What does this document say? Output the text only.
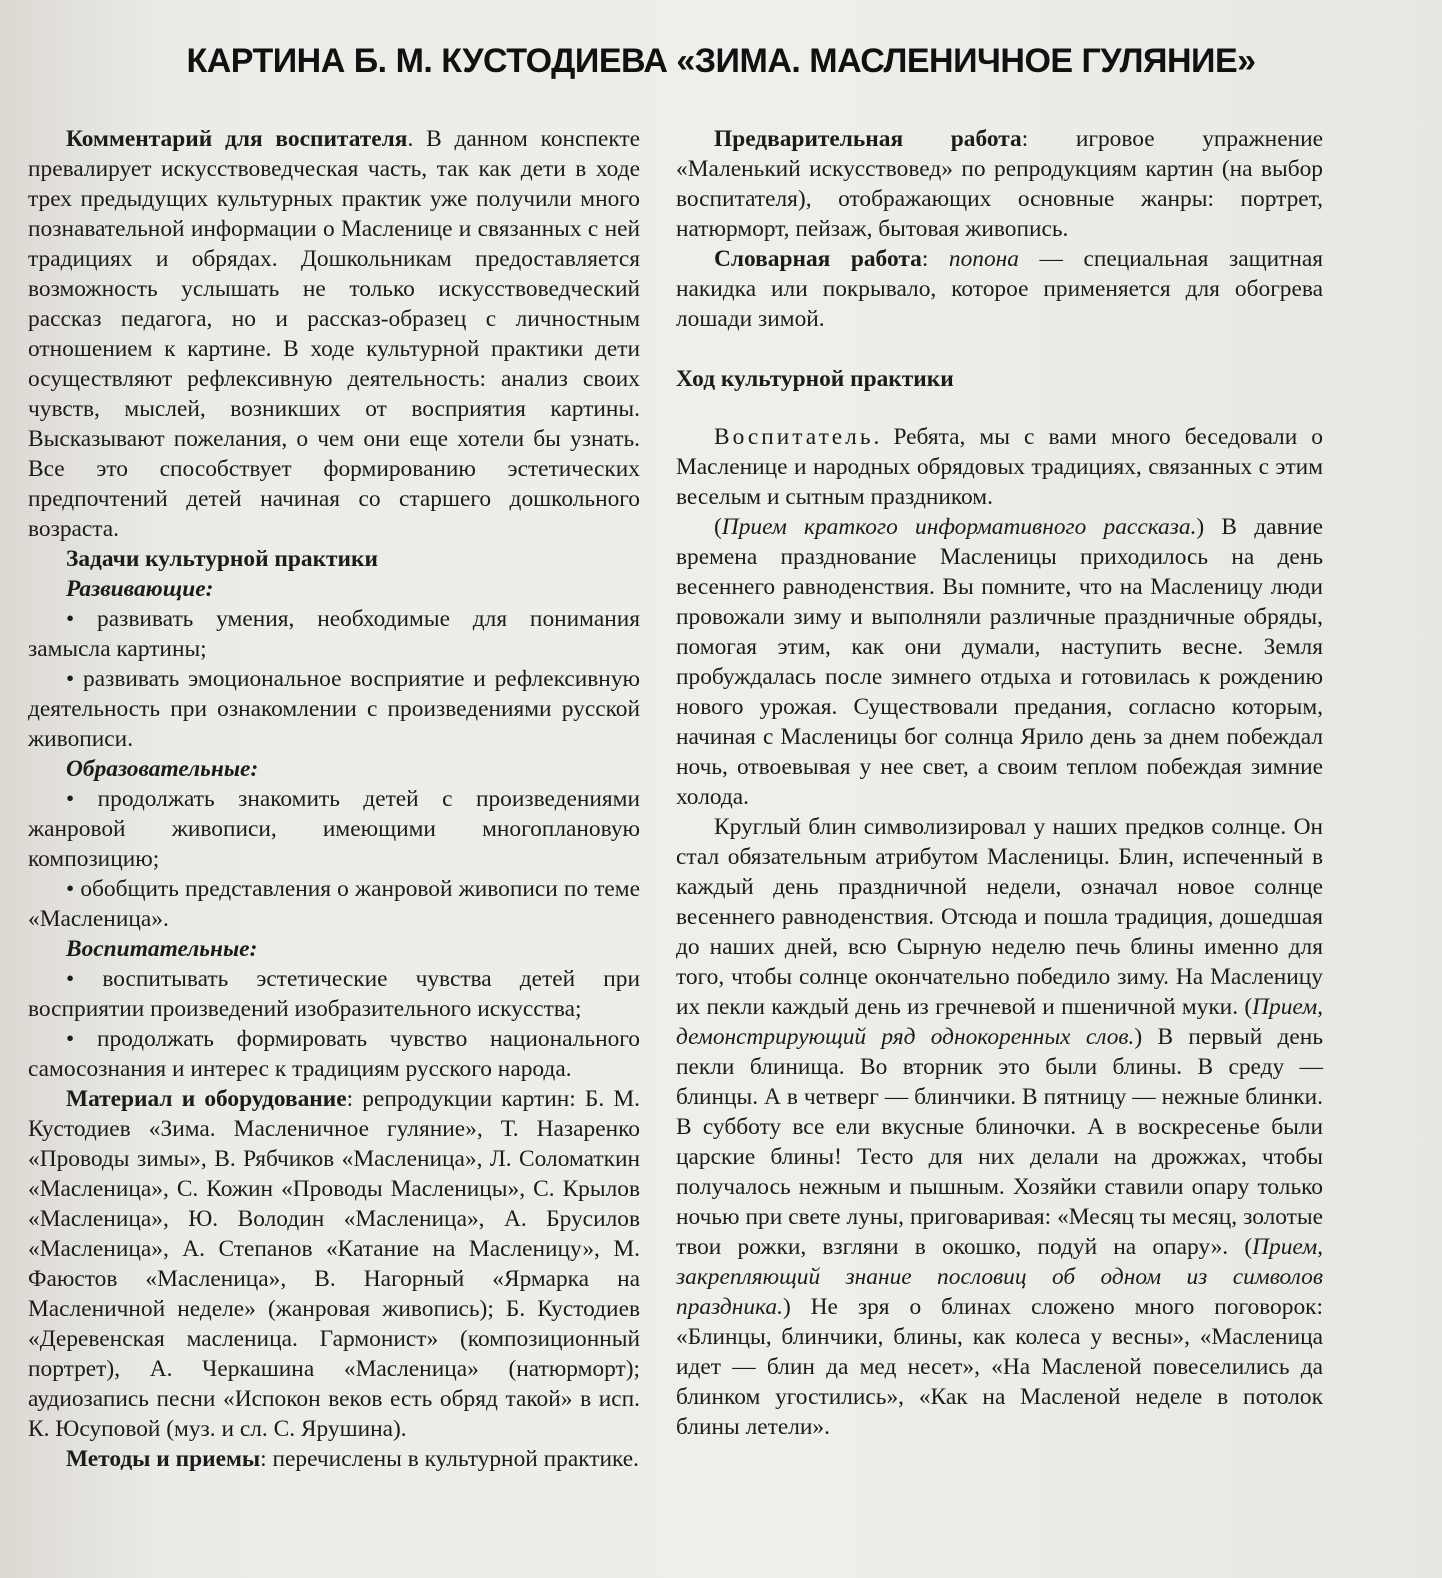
КАРТИНА Б. М. КУСТОДИЕВА «ЗИМА. МАСЛЕНИЧНОЕ ГУЛЯНИЕ»

Комментарий для воспитателя. В данном конспекте превалирует искусствоведческая часть, так как дети в ходе трех предыдущих культурных практик уже получили много познавательной информации о Масленице и связанных с ней традициях и обрядах. Дошкольникам предоставляется возможность услышать не только искусствоведческий рассказ педагога, но и рассказ-образец с личностным отношением к картине. В ходе культурной практики дети осуществляют рефлексивную деятельность: анализ своих чувств, мыслей, возникших от восприятия картины. Высказывают пожелания, о чем они еще хотели бы узнать. Все это способствует формированию эстетических предпочтений детей начиная со старшего дошкольного возраста.

Задачи культурной практики

Развивающие:

• развивать умения, необходимые для понимания замысла картины;

• развивать эмоциональное восприятие и рефлексивную деятельность при ознакомлении с произведениями русской живописи.

Образовательные:

• продолжать знакомить детей с произведениями жанровой живописи, имеющими многоплановую композицию;

• обобщить представления о жанровой живописи по теме «Масленица».

Воспитательные:

• воспитывать эстетические чувства детей при восприятии произведений изобразительного искусства;

• продолжать формировать чувство национального самосознания и интерес к традициям русского народа.

Материал и оборудование: репродукции картин: Б. М. Кустодиев «Зима. Масленичное гуляние», Т. Назаренко «Проводы зимы», В. Рябчиков «Масленица», Л. Соломаткин «Масленица», С. Кожин «Проводы Масленицы», С. Крылов «Масленица», Ю. Володин «Масленица», А. Брусилов «Масленица», А. Степанов «Катание на Масленицу», М. Фаюстов «Масленица», В. Нагорный «Ярмарка на Масленичной неделе» (жанровая живопись); Б. Кустодиев «Деревенская масленица. Гармонист» (композиционный портрет), А. Черкашина «Масленица» (натюрморт); аудиозапись песни «Испокон веков есть обряд такой» в исп. К. Юсуповой (муз. и сл. С. Ярушина).

Методы и приемы: перечислены в культурной практике.

Предварительная работа: игровое упражнение «Маленький искусствовед» по репродукциям картин (на выбор воспитателя), отображающих основные жанры: портрет, натюрморт, пейзаж, бытовая живопись.

Словарная работа: попона — специальная защитная накидка или покрывало, которое применяется для обогрева лошади зимой.

Ход культурной практики

Воспитатель. Ребята, мы с вами много беседовали о Масленице и народных обрядовых традициях, связанных с этим веселым и сытным праздником.

(Прием краткого информативного рассказа.) В давние времена празднование Масленицы приходилось на день весеннего равноденствия. Вы помните, что на Масленицу люди провожали зиму и выполняли различные праздничные обряды, помогая этим, как они думали, наступить весне. Земля пробуждалась после зимнего отдыха и готовилась к рождению нового урожая. Существовали предания, согласно которым, начиная с Масленицы бог солнца Ярило день за днем побеждал ночь, отвоевывая у нее свет, а своим теплом побеждая зимние холода.

Круглый блин символизировал у наших предков солнце. Он стал обязательным атрибутом Масленицы. Блин, испеченный в каждый день праздничной недели, означал новое солнце весеннего равноденствия. Отсюда и пошла традиция, дошедшая до наших дней, всю Сырную неделю печь блины именно для того, чтобы солнце окончательно победило зиму. На Масленицу их пекли каждый день из гречневой и пшеничной муки. (Прием, демонстрирующий ряд однокоренных слов.) В первый день пекли блинища. Во вторник это были блины. В среду — блинцы. А в четверг — блинчики. В пятницу — нежные блинки. В субботу все ели вкусные блиночки. А в воскресенье были царские блины! Тесто для них делали на дрожжах, чтобы получалось нежным и пышным. Хозяйки ставили опару только ночью при свете луны, приговаривая: «Месяц ты месяц, золотые твои рожки, взгляни в окошко, подуй на опару». (Прием, закрепляющий знание пословиц об одном из символов праздника.) Не зря о блинах сложено много поговорок: «Блинцы, блинчики, блины, как колеса у весны», «Масленица идет — блин да мед несет», «На Масленой повеселились да блинком угостились», «Как на Масленой неделе в потолок блины летели».
